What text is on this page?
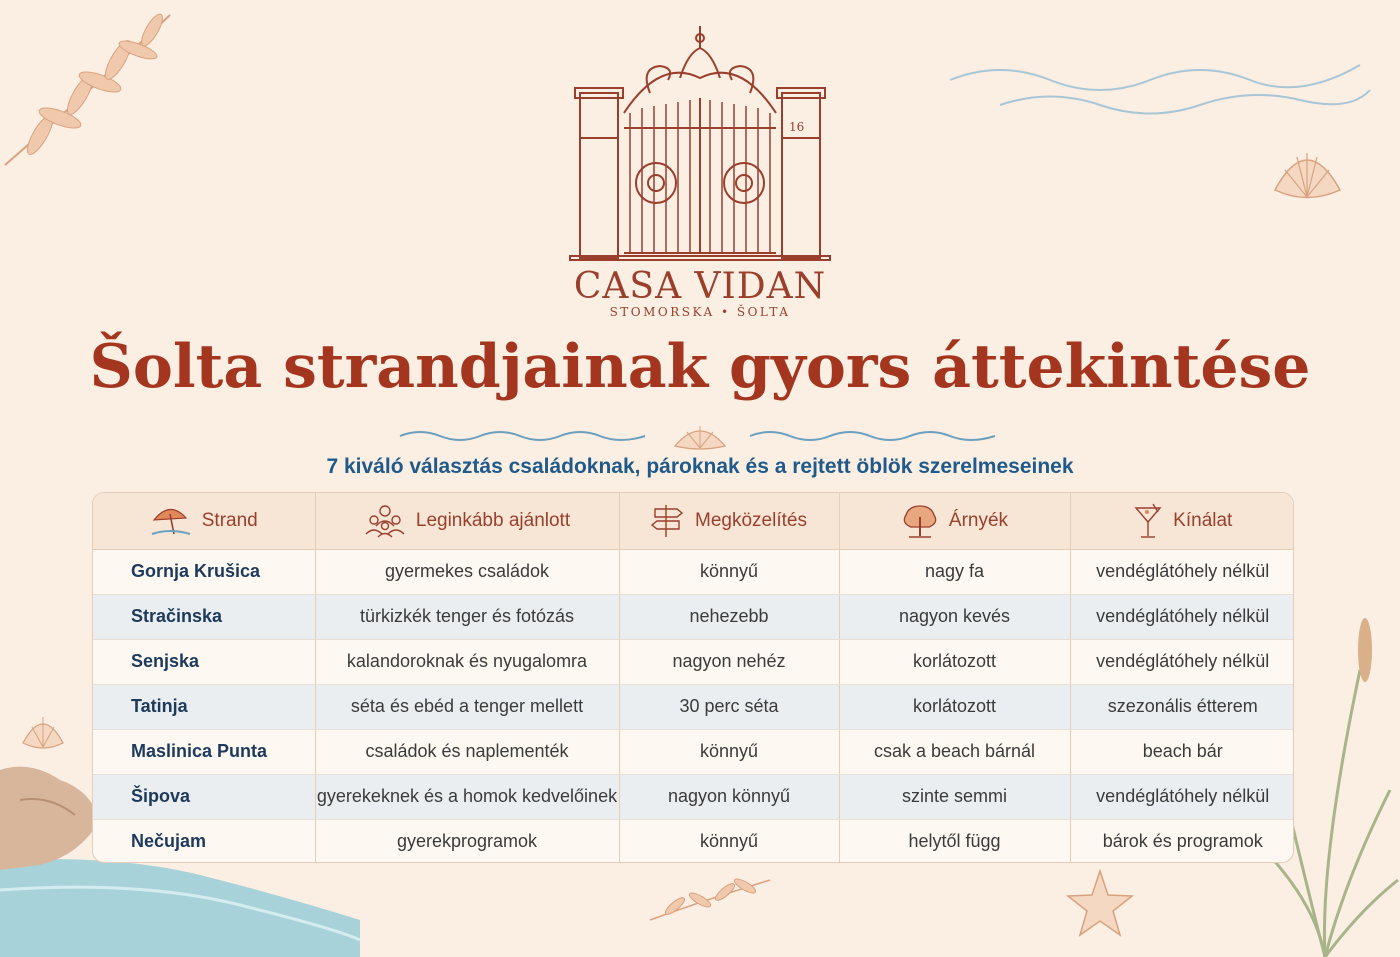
16
CASA VIDAN
STOMORSKA • ŠOLTA
Šolta strandjainak gyors áttekintése
7 kiváló választás családoknak, pároknak és a rejtett öblök szerelmeseinek
Strand	Leginkább ajánlott	Megközelítés	Árnyék	Kínálat
Gornja Krušica	gyermekes családok	könnyű	nagy fa	vendéglátóhely nélkül
Stračinska	türkizkék tenger és fotózás	nehezebb	nagyon kevés	vendéglátóhely nélkül
Senjska	kalandoroknak és nyugalomra	nagyon nehéz	korlátozott	vendéglátóhely nélkül
Tatinja	séta és ebéd a tenger mellett	30 perc séta	korlátozott	szezonális étterem
Maslinica Punta	családok és naplementék	könnyű	csak a beach bárnál	beach bár
Šipova	gyerekeknek és a homok kedvelőinek	nagyon könnyű	szinte semmi	vendéglátóhely nélkül
Nečujam	gyerekprogramok	könnyű	helytől függ	bárok és programok
